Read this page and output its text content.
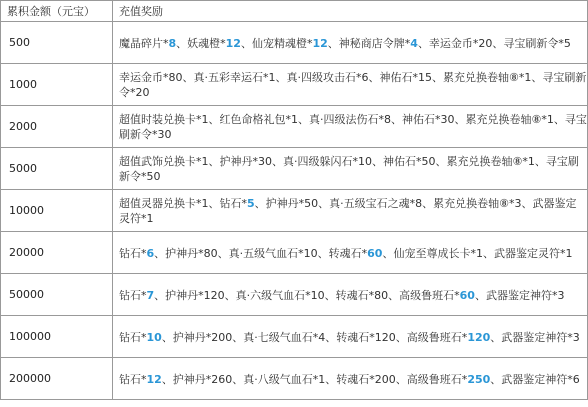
累积金额（元宝）	充值奖励
500	魔晶碎片*8、妖魂橙*12、仙宠精魂橙*12、神秘商店令牌*4、幸运金币*20、寻宝刷新令*5
1000	幸运金币*80、真·五彩幸运石*1、真·四级攻击石*6、神佑石*15、累充兑换卷轴⑧*1、寻宝刷新令*20
2000	超值时装兑换卡*1、红色命格礼包*1、真·四级法伤石*8、神佑石*30、累充兑换卷轴⑧*1、寻宝刷新令*30
5000	超值武饰兑换卡*1、护神丹*30、真·四级躲闪石*10、神佑石*50、累充兑换卷轴⑧*1、寻宝刷新令*50
10000	超值灵器兑换卡*1、钻石*5、护神丹*50、真·五级宝石之魂*8、累充兑换卷轴⑧*3、武器鉴定灵符*1
20000	钻石*6、护神丹*80、真·五级气血石*10、转魂石*60、仙宠至尊成长卡*1、武器鉴定灵符*1
50000	钻石*7、护神丹*120、真·六级气血石*10、转魂石*80、高级鲁班石*60、武器鉴定神符*3
100000	钻石*10、护神丹*200、真·七级气血石*4、转魂石*120、高级鲁班石*120、武器鉴定神符*3
200000	钻石*12、护神丹*260、真·八级气血石*1、转魂石*200、高级鲁班石*250、武器鉴定神符*6
